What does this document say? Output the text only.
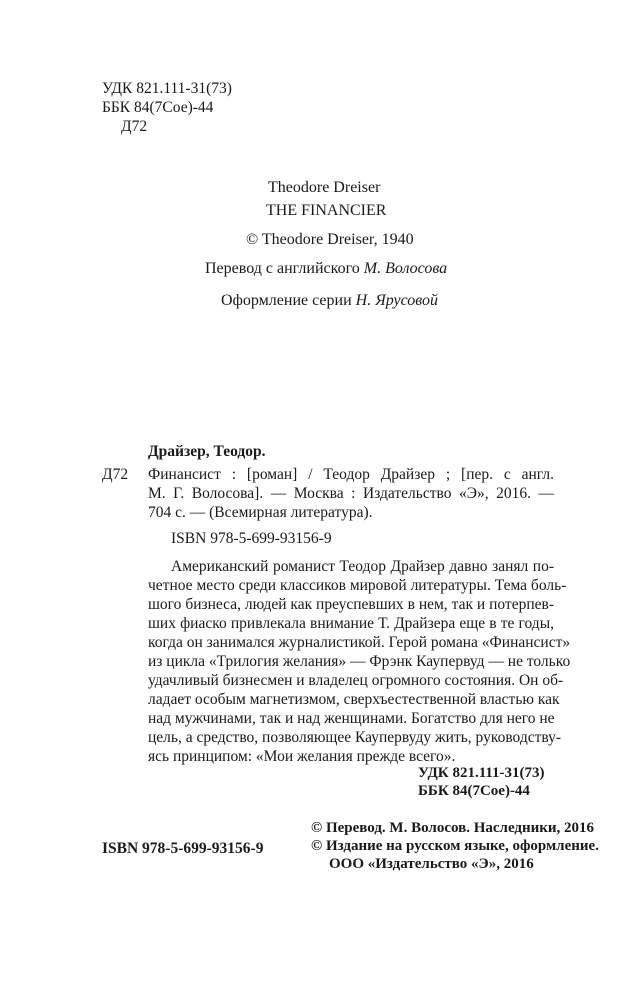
УДК 821.111-31(73)
ББК 84(7Сое)-44
Д72
Theodore Dreiser
THE FINANCIER
© Theodore Dreiser, 1940
Перевод с английского М. Волосова
Оформление серии Н. Ярусовой
Драйзер, Теодор.
Д72 Финансист : [роман] / Теодор Драйзер ; [пер. с англ.
М. Г. Волосова]. — Москва : Издательство «Э», 2016. —
704 с. — (Всемирная литература).
ISBN 978-5-699-93156-9
Американский романист Теодор Драйзер давно занял по-
четное место среди классиков мировой литературы. Тема боль-
шого бизнеса, людей как преуспевших в нем, так и потерпев-
ших фиаско привлекала внимание Т. Драйзера еще в те годы,
когда он занимался журналистикой. Герой романа «Финансист»
из цикла «Трилогия желания» — Фрэнк Каупервуд — не только
удачливый бизнесмен и владелец огромного состояния. Он об-
ладает особым магнетизмом, сверхъестественной властью как
над мужчинами, так и над женщинами. Богатство для него не
цель, а средство, позволяющее Каупервуду жить, руководству-
ясь принципом: «Мои желания прежде всего».
УДК 821.111-31(73)
ББК 84(7Сое)-44
ISBN 978-5-699-93156-9
© Перевод. М. Волосов. Наследники, 2016
© Издание на русском языке, оформление.
ООО «Издательство «Э», 2016
